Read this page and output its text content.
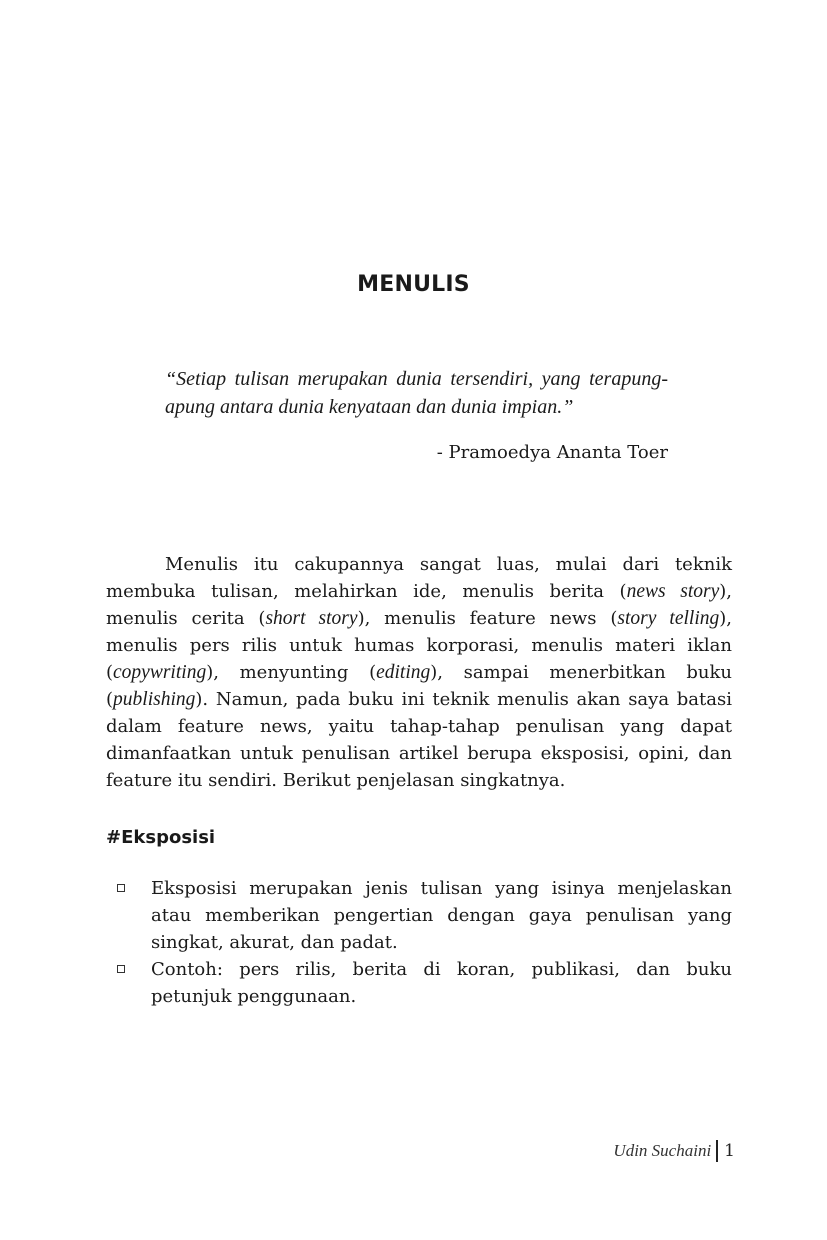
MENULIS

“Setiap tulisan merupakan dunia tersendiri, yang terapung-apung antara dunia kenyataan dan dunia impian.”

- Pramoedya Ananta Toer

Menulis itu cakupannya sangat luas, mulai dari teknik membuka tulisan, melahirkan ide, menulis berita (news story), menulis cerita (short story), menulis feature news (story telling), menulis pers rilis untuk humas korporasi, menulis materi iklan (copywriting), menyunting (editing), sampai menerbitkan buku (publishing). Namun, pada buku ini teknik menulis akan saya batasi dalam feature news, yaitu tahap-tahap penulisan yang dapat dimanfaatkan untuk penulisan artikel berupa eksposisi, opini, dan feature itu sendiri. Berikut penjelasan singkatnya.

#Eksposisi
Eksposisi merupakan jenis tulisan yang isinya menjelaskan atau memberikan pengertian dengan gaya penulisan yang singkat, akurat, dan padat.
Contoh: pers rilis, berita di koran, publikasi, dan buku petunjuk penggunaan.
Udin Suchaini 1
